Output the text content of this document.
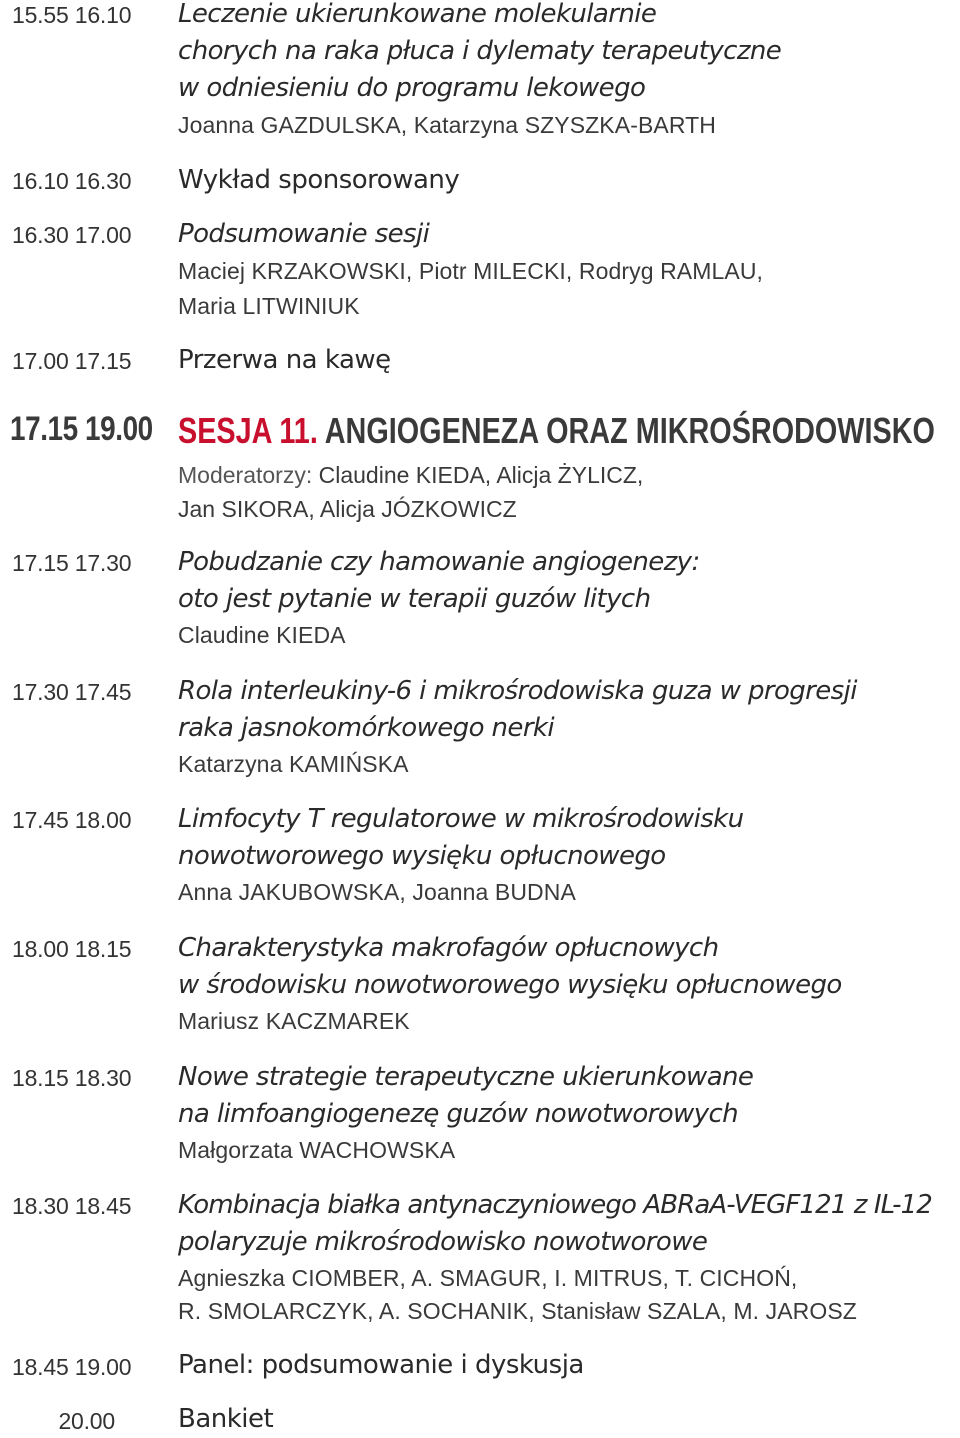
15.55 16.10	Leczenie ukierunkowane molekularnie
chorych na raka płuca i dylematy terapeutyczne
w odniesieniu do programu lekowego
Joanna GAZDULSKA, Katarzyna SZYSZKA-BARTH
16.10 16.30	Wykład sponsorowany
16.30 17.00	Podsumowanie sesji
Maciej KRZAKOWSKI, Piotr MILECKI, Rodryg RAMLAU,
Maria LITWINIUK
17.00 17.15	Przerwa na kawę
17.15 19.00 SESJA 11. ANGIOGENEZA ORAZ MIKROŚRODOWISKO
Moderatorzy: Claudine KIEDA, Alicja ŻYLICZ,
Jan SIKORA, Alicja JÓZKOWICZ
17.15 17.30	Pobudzanie czy hamowanie angiogenezy:
oto jest pytanie w terapii guzów litych
Claudine KIEDA
17.30 17.45	Rola interleukiny-6 i mikrośrodowiska guza w progresji
raka jasnokomórkowego nerki
Katarzyna KAMIŃSKA
17.45 18.00	Limfocyty T regulatorowe w mikrośrodowisku
nowotworowego wysięku opłucnowego
Anna JAKUBOWSKA, Joanna BUDNA
18.00 18.15	Charakterystyka makrofagów opłucnowych
w środowisku nowotworowego wysięku opłucnowego
Mariusz KACZMAREK
18.15 18.30	Nowe strategie terapeutyczne ukierunkowane
na limfoangiogenezę guzów nowotworowych
Małgorzata WACHOWSKA
18.30 18.45	Kombinacja białka antynaczyniowego ABRaA-VEGF121 z IL-12
polaryzuje mikrośrodowisko nowotworowe
Agnieszka CIOMBER, A. SMAGUR, I. MITRUS, T. CICHOŃ,
R. SMOLARCZYK, A. SOCHANIK, Stanisław SZALA, M. JAROSZ
18.45 19.00	Panel: podsumowanie i dyskusja
20.00 Bankiet
